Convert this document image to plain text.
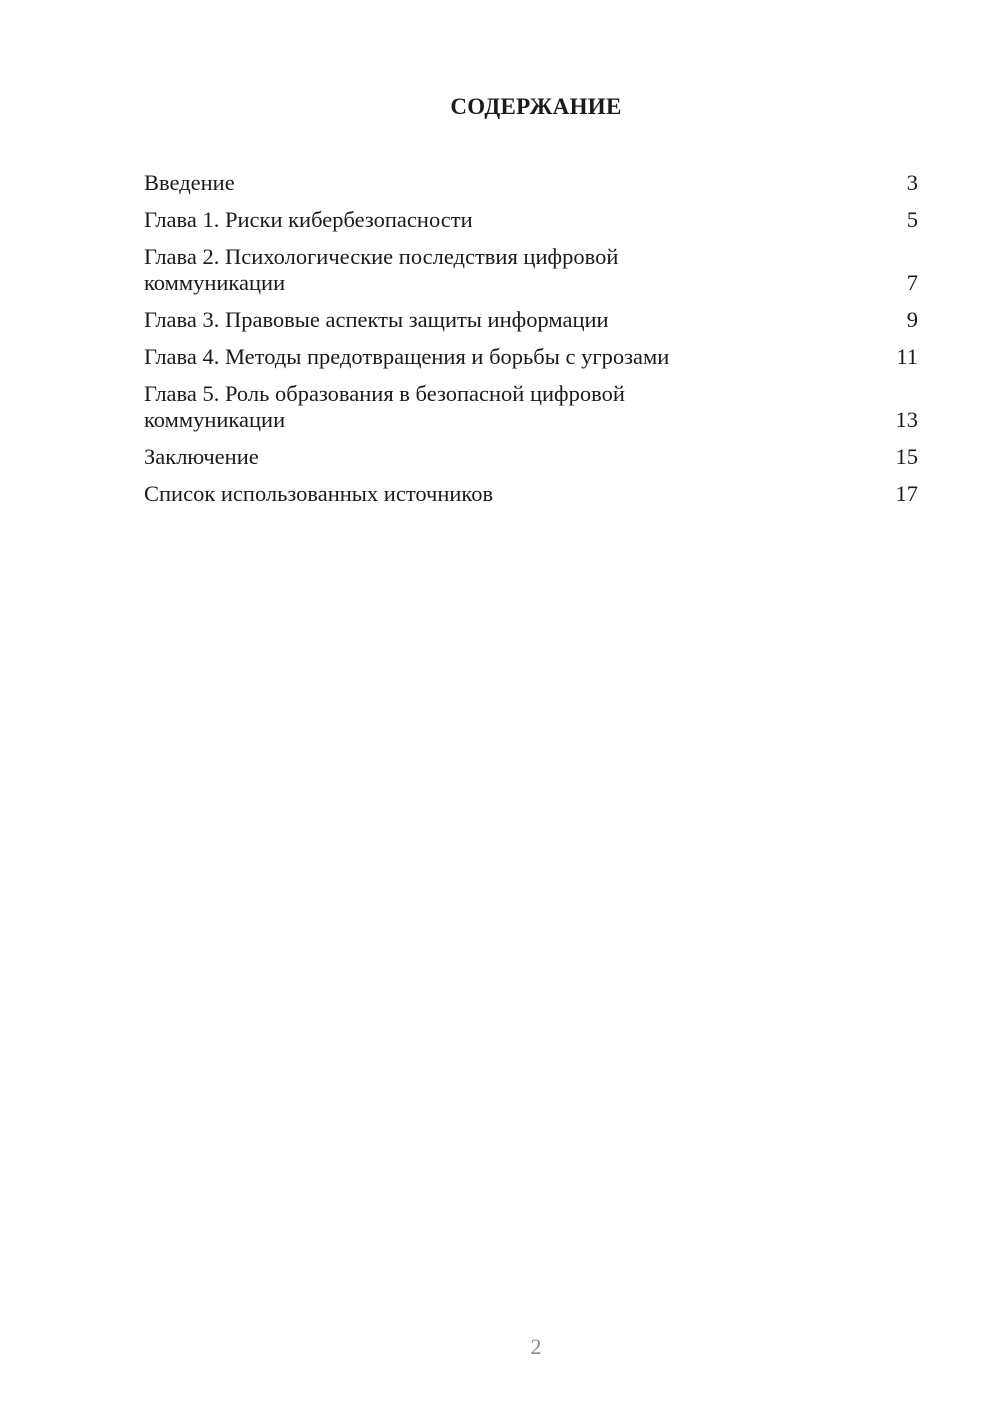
СОДЕРЖАНИЕ
Введение	3
Глава 1. Риски кибербезопасности	5
Глава 2. Психологические последствия цифровой коммуникации	7
Глава 3. Правовые аспекты защиты информации	9
Глава 4. Методы предотвращения и борьбы с угрозами	11
Глава 5. Роль образования в безопасной цифровой коммуникации	13
Заключение	15
Список использованных источников	17
2
